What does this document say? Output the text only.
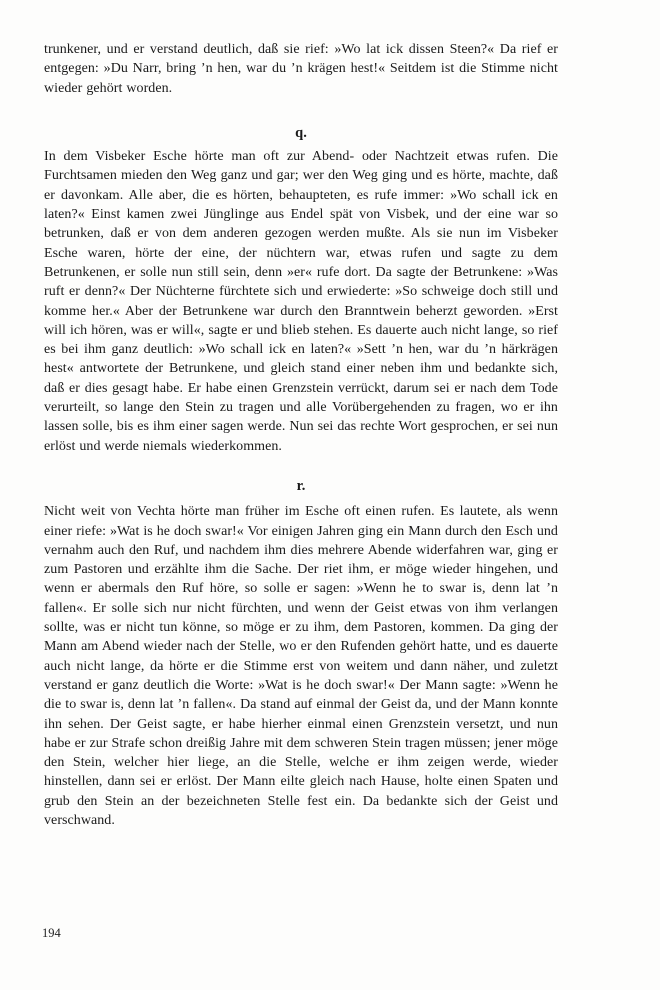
trunkener, und er verstand deutlich, daß sie rief: »Wo lat ick dissen Steen?« Da rief er entgegen: »Du Narr, bring ’n hen, war du ’n krägen hest!« Seitdem ist die Stimme nicht wieder gehört worden.

q.

In dem Visbeker Esche hörte man oft zur Abend- oder Nachtzeit etwas rufen. Die Furchtsamen mieden den Weg ganz und gar; wer den Weg ging und es hörte, machte, daß er davonkam. Alle aber, die es hörten, behaupteten, es rufe immer: »Wo schall ick en laten?« Einst kamen zwei Jünglinge aus Endel spät von Visbek, und der eine war so betrunken, daß er von dem anderen gezogen werden mußte. Als sie nun im Visbeker Esche waren, hörte der eine, der nüchtern war, etwas rufen und sagte zu dem Betrunkenen, er solle nun still sein, denn »er« rufe dort. Da sagte der Betrunkene: »Was ruft er denn?« Der Nüchterne fürchtete sich und erwiederte: »So schweige doch still und komme her.« Aber der Betrunkene war durch den Branntwein beherzt geworden. »Erst will ich hören, was er will«, sagte er und blieb stehen. Es dauerte auch nicht lange, so rief es bei ihm ganz deutlich: »Wo schall ick en laten?« »Sett ’n hen, war du ’n härkrägen hest« antwortete der Betrunkene, und gleich stand einer neben ihm und bedankte sich, daß er dies gesagt habe. Er habe einen Grenzstein verrückt, darum sei er nach dem Tode verurteilt, so lange den Stein zu tragen und alle Vorübergehenden zu fragen, wo er ihn lassen solle, bis es ihm einer sagen werde. Nun sei das rechte Wort gesprochen, er sei nun erlöst und werde niemals wiederkommen.

r.

Nicht weit von Vechta hörte man früher im Esche oft einen rufen. Es lautete, als wenn einer riefe: »Wat is he doch swar!« Vor einigen Jahren ging ein Mann durch den Esch und vernahm auch den Ruf, und nachdem ihm dies mehrere Abende widerfahren war, ging er zum Pastoren und erzählte ihm die Sache. Der riet ihm, er möge wieder hingehen, und wenn er abermals den Ruf höre, so solle er sagen: »Wenn he to swar is, denn lat ’n fallen«. Er solle sich nur nicht fürchten, und wenn der Geist etwas von ihm verlangen sollte, was er nicht tun könne, so möge er zu ihm, dem Pastoren, kommen. Da ging der Mann am Abend wieder nach der Stelle, wo er den Rufenden gehört hatte, und es dauerte auch nicht lange, da hörte er die Stimme erst von weitem und dann näher, und zuletzt verstand er ganz deutlich die Worte: »Wat is he doch swar!« Der Mann sagte: »Wenn he die to swar is, denn lat ’n fallen«. Da stand auf einmal der Geist da, und der Mann konnte ihn sehen. Der Geist sagte, er habe hierher einmal einen Grenzstein versetzt, und nun habe er zur Strafe schon dreißig Jahre mit dem schweren Stein tragen müssen; jener möge den Stein, welcher hier liege, an die Stelle, welche er ihm zeigen werde, wieder hinstellen, dann sei er erlöst. Der Mann eilte gleich nach Hause, holte einen Spaten und grub den Stein an der bezeichneten Stelle fest ein. Da bedankte sich der Geist und verschwand.

194
